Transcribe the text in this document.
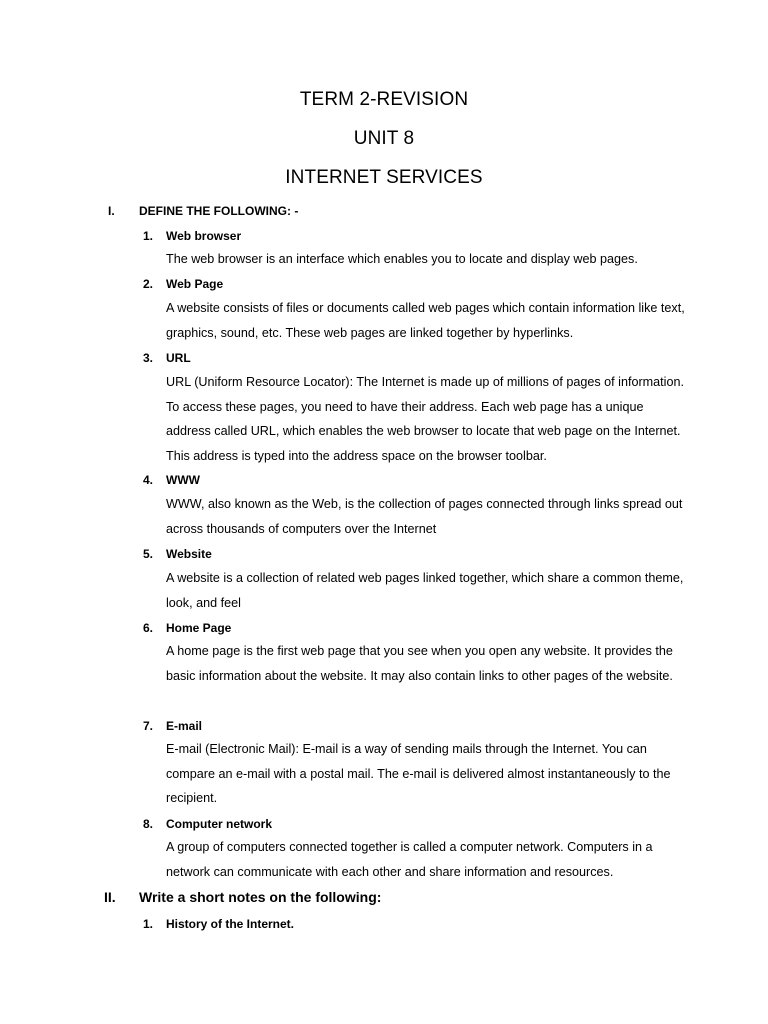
TERM 2-REVISION
UNIT 8
INTERNET SERVICES
I. DEFINE THE FOLLOWING: -
1. Web browser

The web browser is an interface which enables you to locate and display web pages.

2. Web Page

A website consists of files or documents called web pages which contain information like text, graphics, sound, etc. These web pages are linked together by hyperlinks.

3. URL

URL (Uniform Resource Locator): The Internet is made up of millions of pages of information. To access these pages, you need to have their address. Each web page has a unique address called URL, which enables the web browser to locate that web page on the Internet. This address is typed into the address space on the browser toolbar.

4. WWW

WWW, also known as the Web, is the collection of pages connected through links spread out across thousands of computers over the Internet

5. Website

A website is a collection of related web pages linked together, which share a common theme, look, and feel

6. Home Page

A home page is the first web page that you see when you open any website. It provides the basic information about the website. It may also contain links to other pages of the website.

7. E-mail

E-mail (Electronic Mail): E-mail is a way of sending mails through the Internet. You can compare an e-mail with a postal mail. The e-mail is delivered almost instantaneously to the recipient.

8. Computer network

A group of computers connected together is called a computer network. Computers in a network can communicate with each other and share information and resources.

II. Write a short notes on the following:
1. History of the Internet.
